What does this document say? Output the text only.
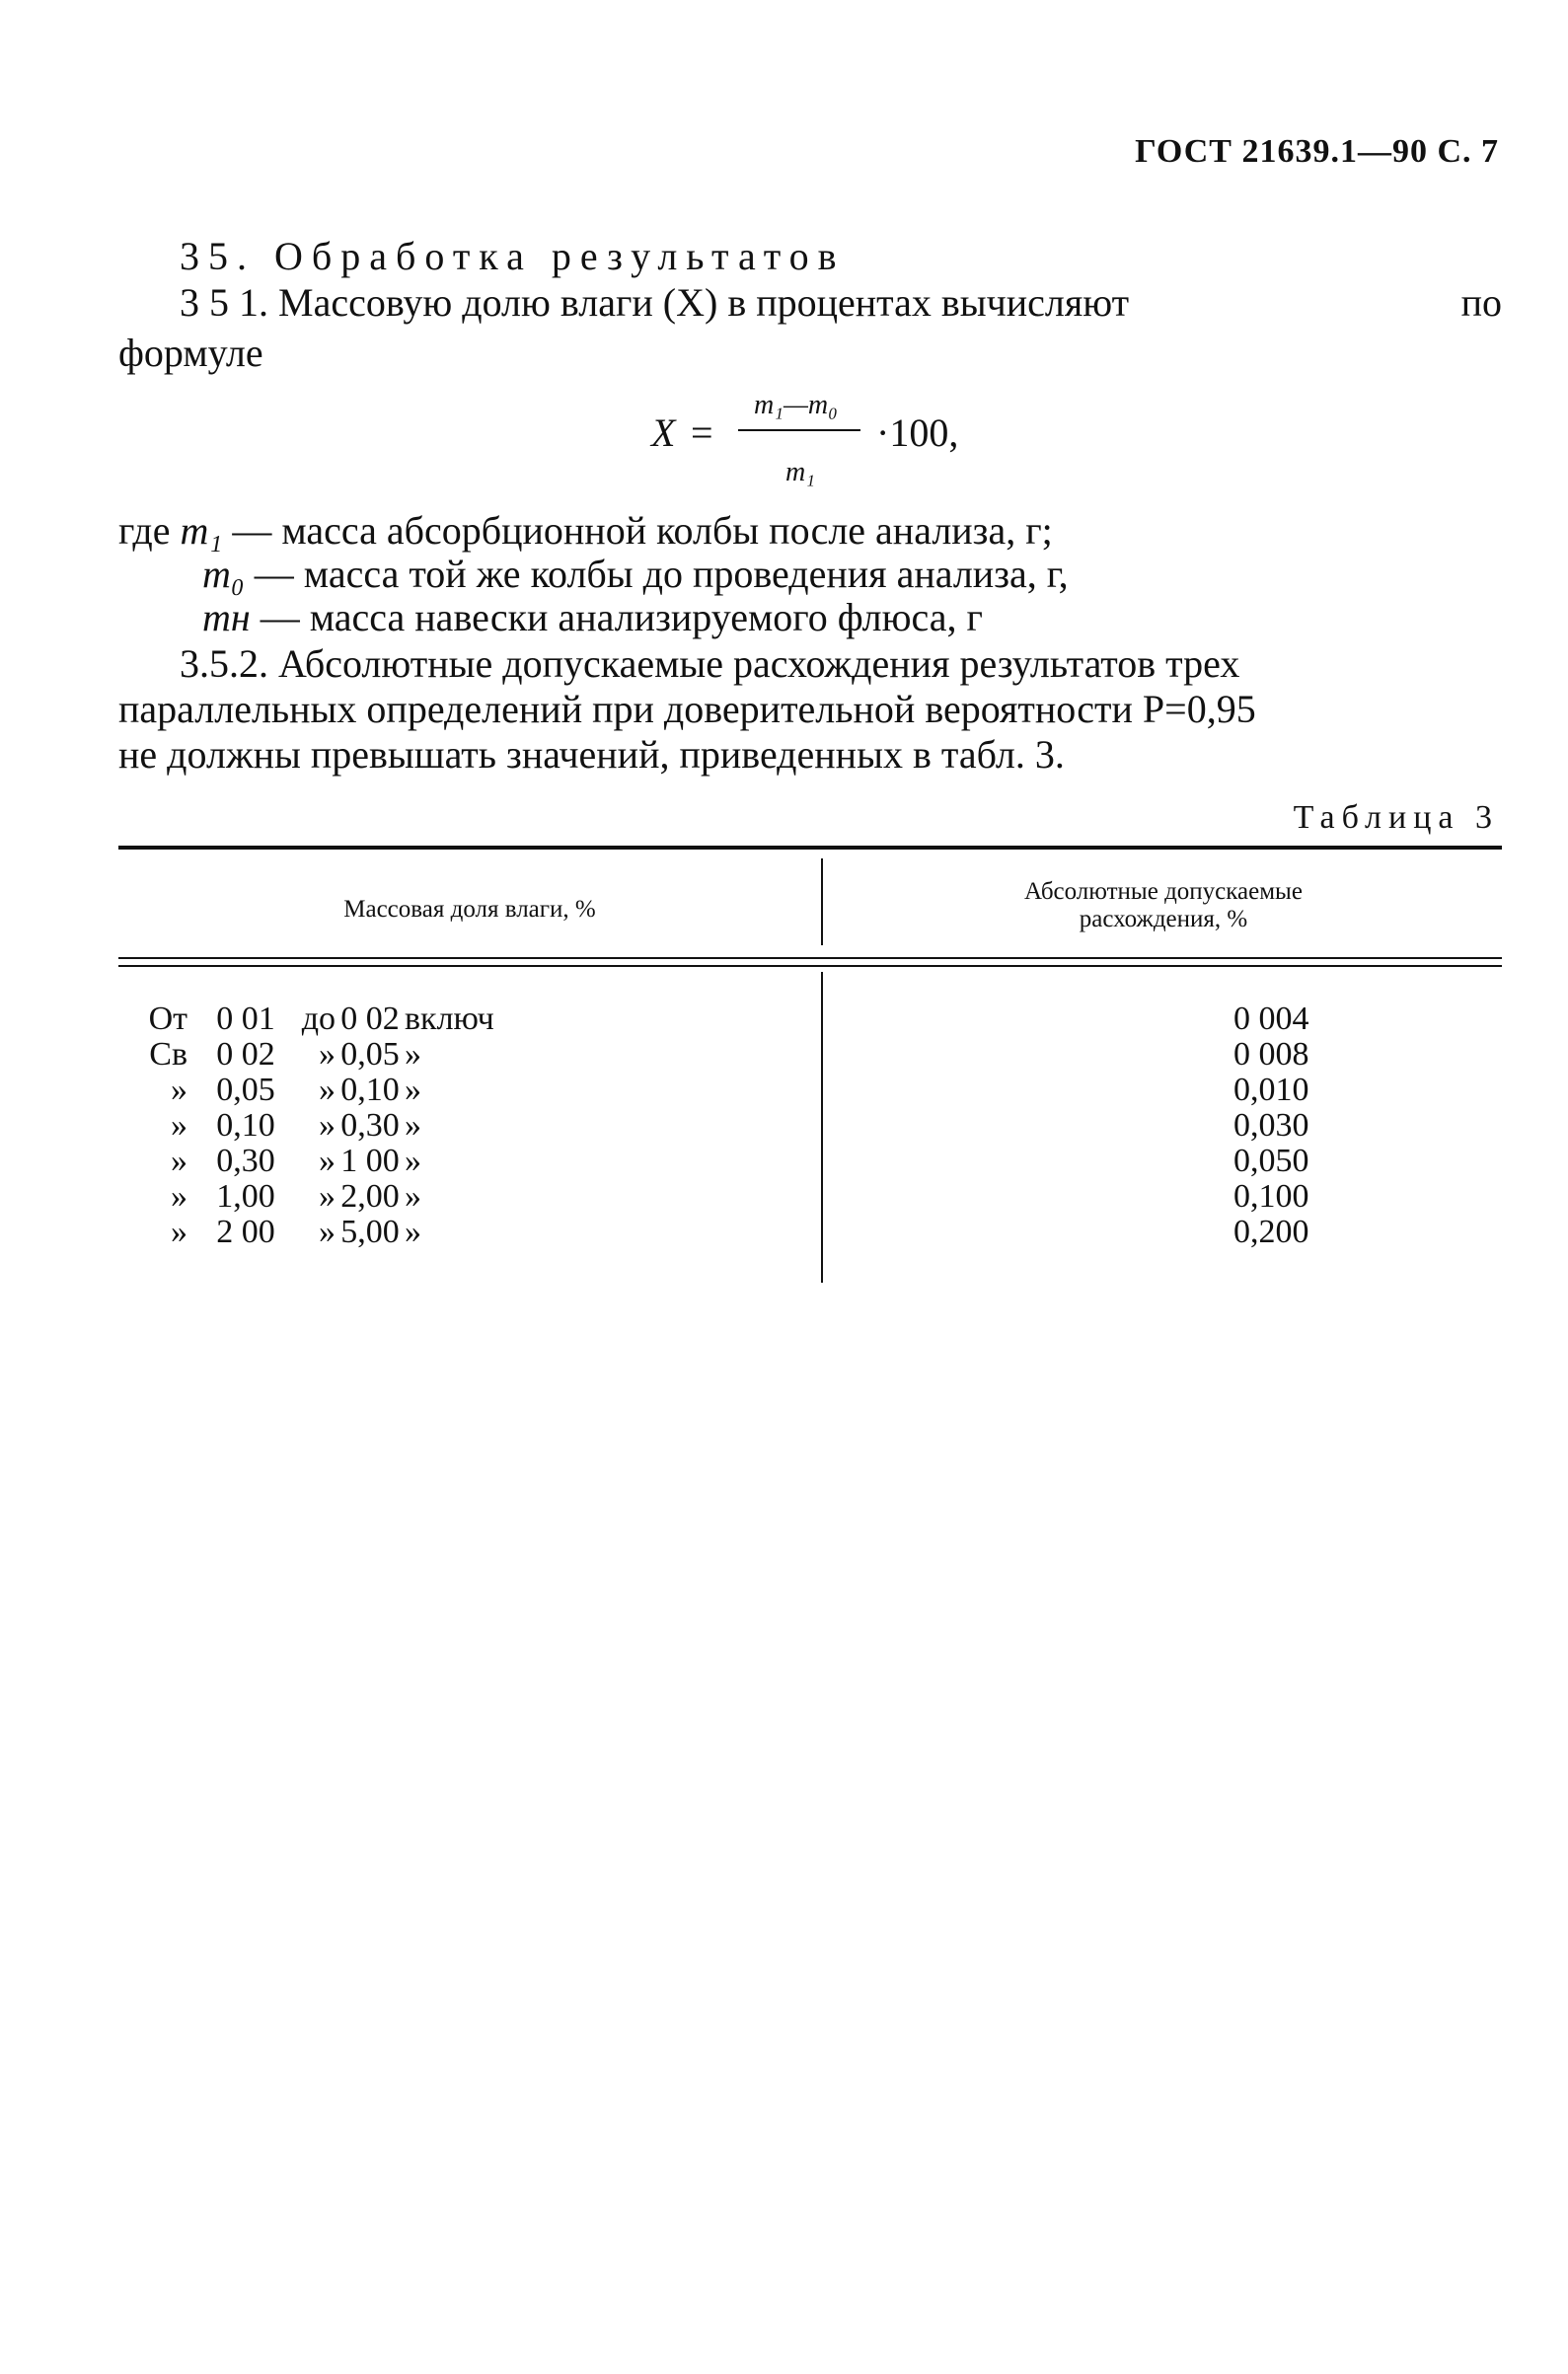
ГОСТ 21639.1—90 С. 7
35. Обработка результатов
3 5 1. Массовую долю влаги (X) в процентах вычисляют	по
формуле
X =
m₁—m₀
m₁
·100,
где m₁ — масса абсорбционной колбы после анализа, г;
m₀ — масса той же колбы до проведения анализа, г,
mн — масса навески анализируемого флюса, г
3.5.2. Абсолютные допускаемые расхождения результатов трех
параллельных определений при доверительной вероятности P=0,95
не должны превышать значений, приведенных в табл. 3.
Таблица 3
Массовая доля влаги, %
Абсолютные допускаемые
расхождения, %
От 0 01 до 0 02 включ	0 004
Св 0 02	» 0,05 »	0 008
» 0,05	» 0,10 »	0,010
» 0,10	» 0,30 »	0,030
» 0,30	» 1 00 »	0,050
» 1,00	» 2,00 »	0,100
» 2 00	» 5,00 »	0,200
